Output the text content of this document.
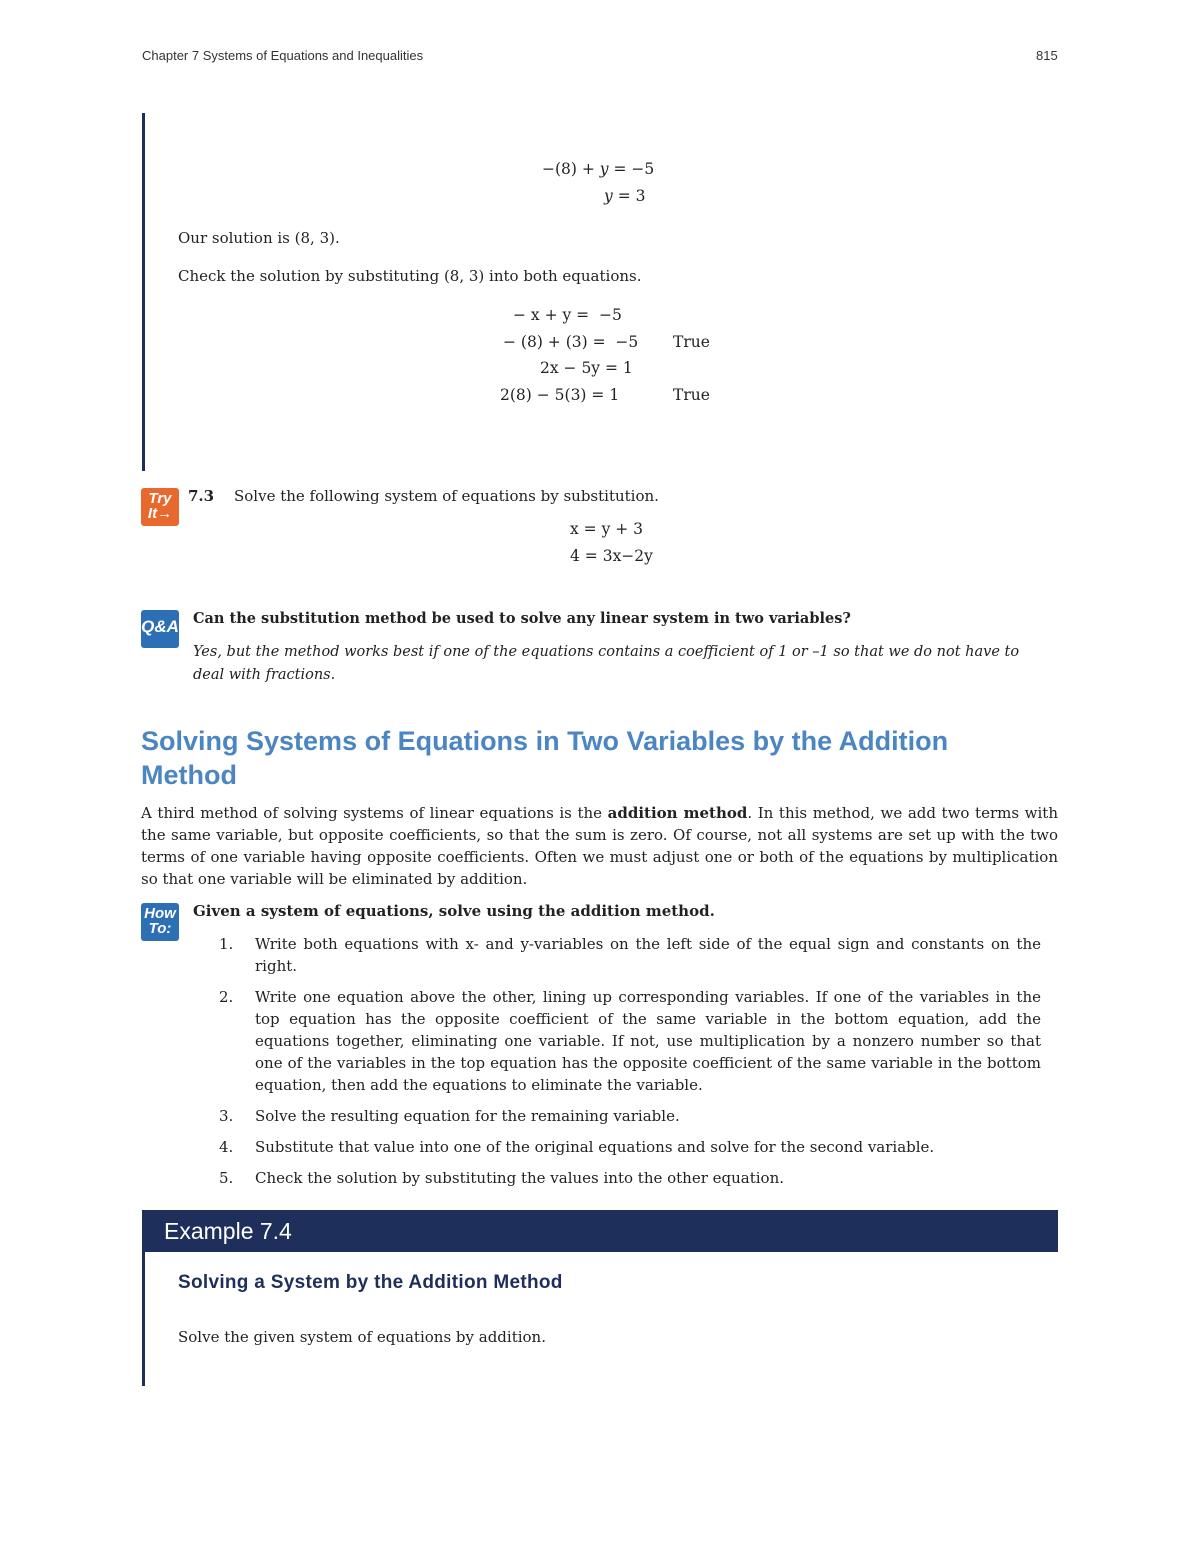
Chapter 7 Systems of Equations and Inequalities	815
−(8) + y = −5
y = 3
Our solution is (8, 3).
Check the solution by substituting (8, 3) into both equations.
− x + y =  −5
− (8) + (3) =  −5 True
2x − 5y = 1
2(8) − 5(3) = 1	True
Try
It→
7.3 Solve the following system of equations by substitution.
x = y + 3
4 = 3x−2y
Q&A Can the substitution method be used to solve any linear system in two variables?
Yes, but the method works best if one of the equations contains a coefficient of 1 or –1 so that we do not have to deal with fractions.
Solving Systems of Equations in Two Variables by the Addition Method
A third method of solving systems of linear equations is the addition method. In this method, we add two terms with the same variable, but opposite coefficients, so that the sum is zero. Of course, not all systems are set up with the two terms of one variable having opposite coefficients. Often we must adjust one or both of the equations by multiplication so that one variable will be eliminated by addition.
How
To:
Given a system of equations, solve using the addition method.
1. Write both equations with x- and y-variables on the left side of the equal sign and constants on the right.
2. Write one equation above the other, lining up corresponding variables. If one of the variables in the top equation has the opposite coefficient of the same variable in the bottom equation, add the equations together, eliminating one variable. If not, use multiplication by a nonzero number so that one of the variables in the top equation has the opposite coefficient of the same variable in the bottom equation, then add the equations to eliminate the variable.
3. Solve the resulting equation for the remaining variable.
4. Substitute that value into one of the original equations and solve for the second variable.
5. Check the solution by substituting the values into the other equation.
Example 7.4
Solving a System by the Addition Method
Solve the given system of equations by addition.
